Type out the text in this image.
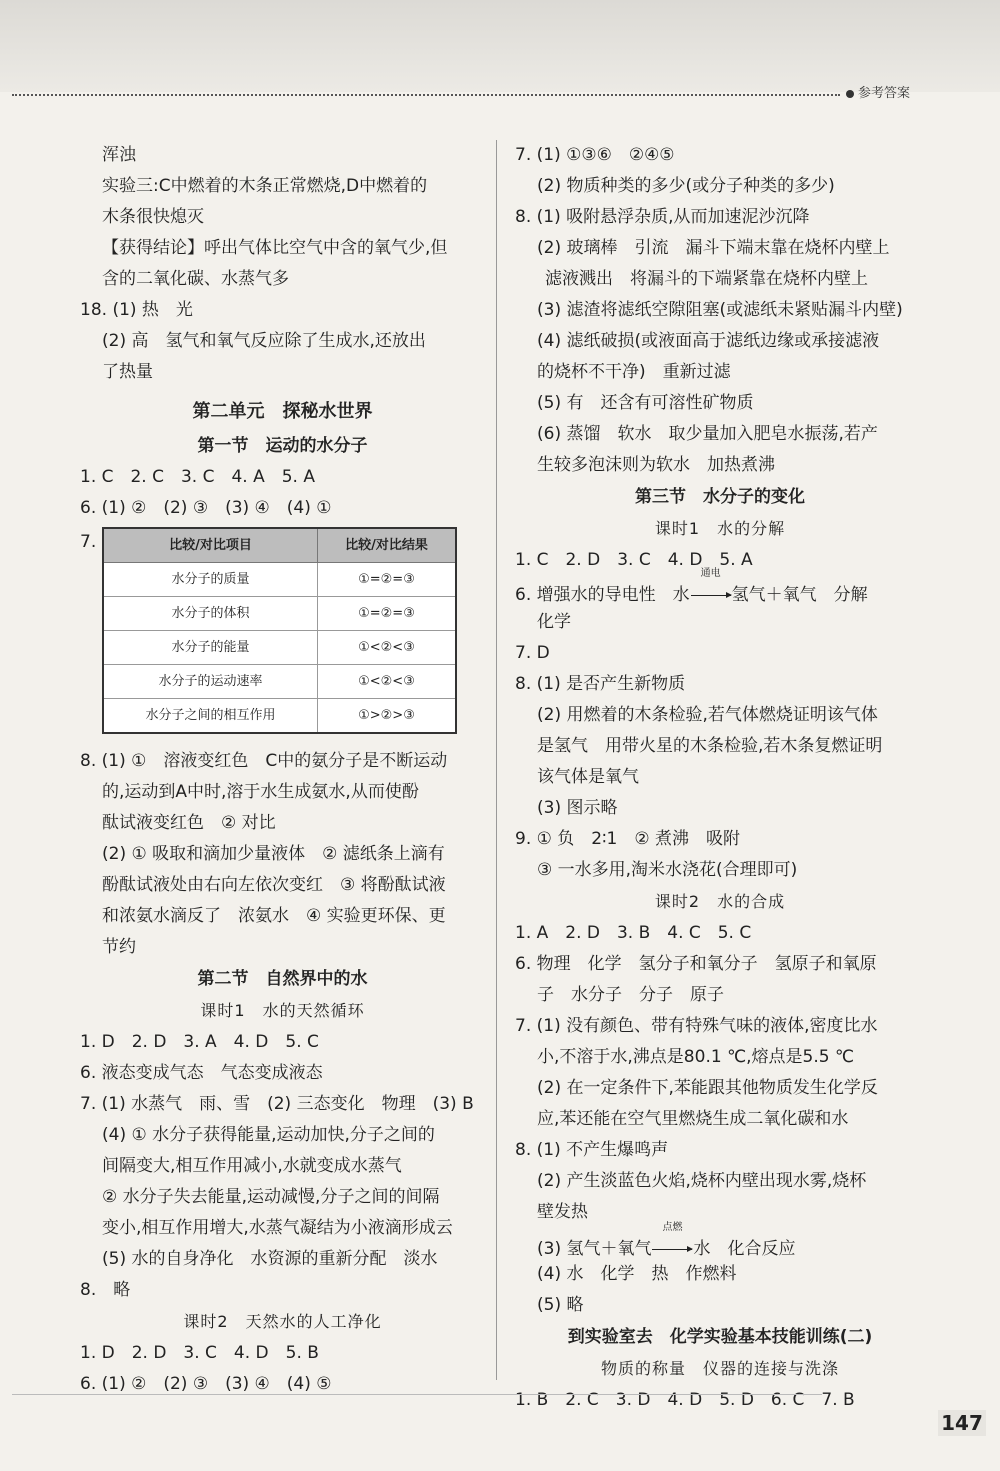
参考答案
浑浊
实验三:C中燃着的木条正常燃烧,D中燃着的
木条很快熄灭
【获得结论】呼出气体比空气中含的氧气少,但
含的二氧化碳、水蒸气多
18. (1) 热　光
(2) 高　氢气和氧气反应除了生成水,还放出
了热量
第二单元　探秘水世界
第一节　运动的水分子
1. C　2. C　3. C　4. A　5. A
6. (1) ②　(2) ③　(3) ④　(4) ①
7.	比较/对比项目	比较/对比结果
水分子的质量	①=②=③
水分子的体积	①=②=③
水分子的能量	①<②<③
水分子的运动速率	①<②<③
水分子之间的相互作用	①>②>③
8. (1) ①　溶液变红色　C中的氨分子是不断运动
的,运动到A中时,溶于水生成氨水,从而使酚
酞试液变红色　② 对比
(2) ① 吸取和滴加少量液体　② 滤纸条上滴有
酚酞试液处由右向左依次变红　③ 将酚酞试液
和浓氨水滴反了　浓氨水　④ 实验更环保、更
节约
第二节　自然界中的水
课时1　水的天然循环
1. D　2. D　3. A　4. D　5. C
6. 液态变成气态　气态变成液态
7. (1) 水蒸气　雨、雪　(2) 三态变化　物理　(3) B
(4) ① 水分子获得能量,运动加快,分子之间的
间隔变大,相互作用减小,水就变成水蒸气
② 水分子失去能量,运动减慢,分子之间的间隔
变小,相互作用增大,水蒸气凝结为小液滴形成云
(5) 水的自身净化　水资源的重新分配　淡水
8.　略
课时2　天然水的人工净化
1. D　2. D　3. C　4. D　5. B
6. (1) ②　(2) ③　(3) ④　(4) ⑤
7. (1) ①③⑥　②④⑤
(2) 物质种类的多少(或分子种类的多少)
8. (1) 吸附悬浮杂质,从而加速泥沙沉降
(2) 玻璃棒　引流　漏斗下端末靠在烧杯内壁上
滤液溅出　将漏斗的下端紧靠在烧杯内壁上
(3) 滤渣将滤纸空隙阻塞(或滤纸未紧贴漏斗内壁)
(4) 滤纸破损(或液面高于滤纸边缘或承接滤液
的烧杯不干净)　重新过滤
(5) 有　还含有可溶性矿物质
(6) 蒸馏　软水　取少量加入肥皂水振荡,若产
生较多泡沫则为软水　加热煮沸
第三节　水分子的变化
课时1　水的分解
1. C　2. D　3. C　4. D　5. A
6. 增强水的导电性　水
通电
氢气＋氧气　分解
化学
7. D
8. (1) 是否产生新物质
(2) 用燃着的木条检验,若气体燃烧证明该气体
是氢气　用带火星的木条检验,若木条复燃证明
该气体是氧气
(3) 图示略
9. ① 负　2∶1　② 煮沸　吸附
③ 一水多用,淘米水浇花(合理即可)
课时2　水的合成
1. A　2. D　3. B　4. C　5. C
6. 物理　化学　氢分子和氧分子　氢原子和氧原
子　水分子　分子　原子
7. (1) 没有颜色、带有特殊气味的液体,密度比水
小,不溶于水,沸点是80.1 ℃,熔点是5.5 ℃
(2) 在一定条件下,苯能跟其他物质发生化学反
应,苯还能在空气里燃烧生成二氧化碳和水
8. (1) 不产生爆鸣声
(2) 产生淡蓝色火焰,烧杯内壁出现水雾,烧杯
壁发热
(3) 氢气＋氧气
点燃
水　化合反应
(4) 水　化学　热　作燃料
(5) 略
到实验室去　化学实验基本技能训练(二)
物质的称量　仪器的连接与洗涤
1. B　2. C　3. D　4. D　5. D　6. C　7. B
147
